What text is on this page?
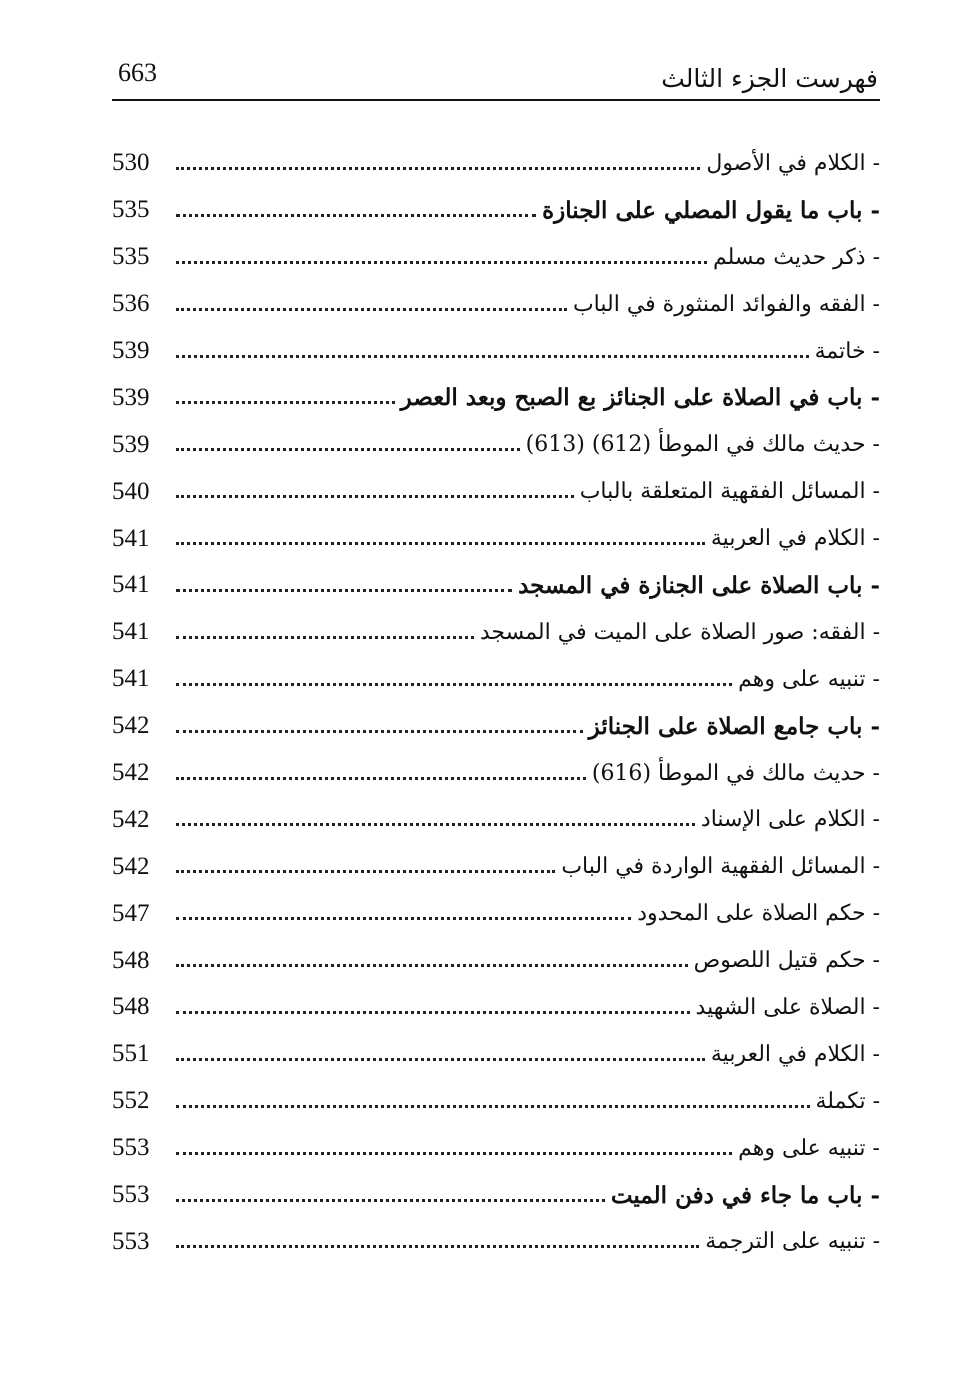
663	فهرست الجزء الثالث
530	- الكلام في الأصول
535	- باب ما يقول المصلي على الجنازة
535	- ذكر حديث مسلم
536	- الفقه والفوائد المنثورة في الباب
539	- خاتمة
539	- باب في الصلاة على الجنائز بع الصبح وبعد العصر
539	- حديث مالك في الموطأ (612) (613)
540	- المسائل الفقهية المتعلقة بالباب
541	- الكلام في العربية
541	- باب الصلاة على الجنازة في المسجد
541	- الفقه: صور الصلاة على الميت في المسجد
541	- تنبيه على وهم
542	- باب جامع الصلاة على الجنائز
542	- حديث مالك في الموطأ (616)
542	- الكلام على الإسناد
542	- المسائل الفقهية الواردة في الباب
547	- حكم الصلاة على المحدود
548	- حكم قتيل اللصوص
548	- الصلاة على الشهيد
551	- الكلام في العربية
552	- تكملة
553	- تنبيه على وهم
553	- باب ما جاء في دفن الميت
553	- تنبيه على الترجمة
